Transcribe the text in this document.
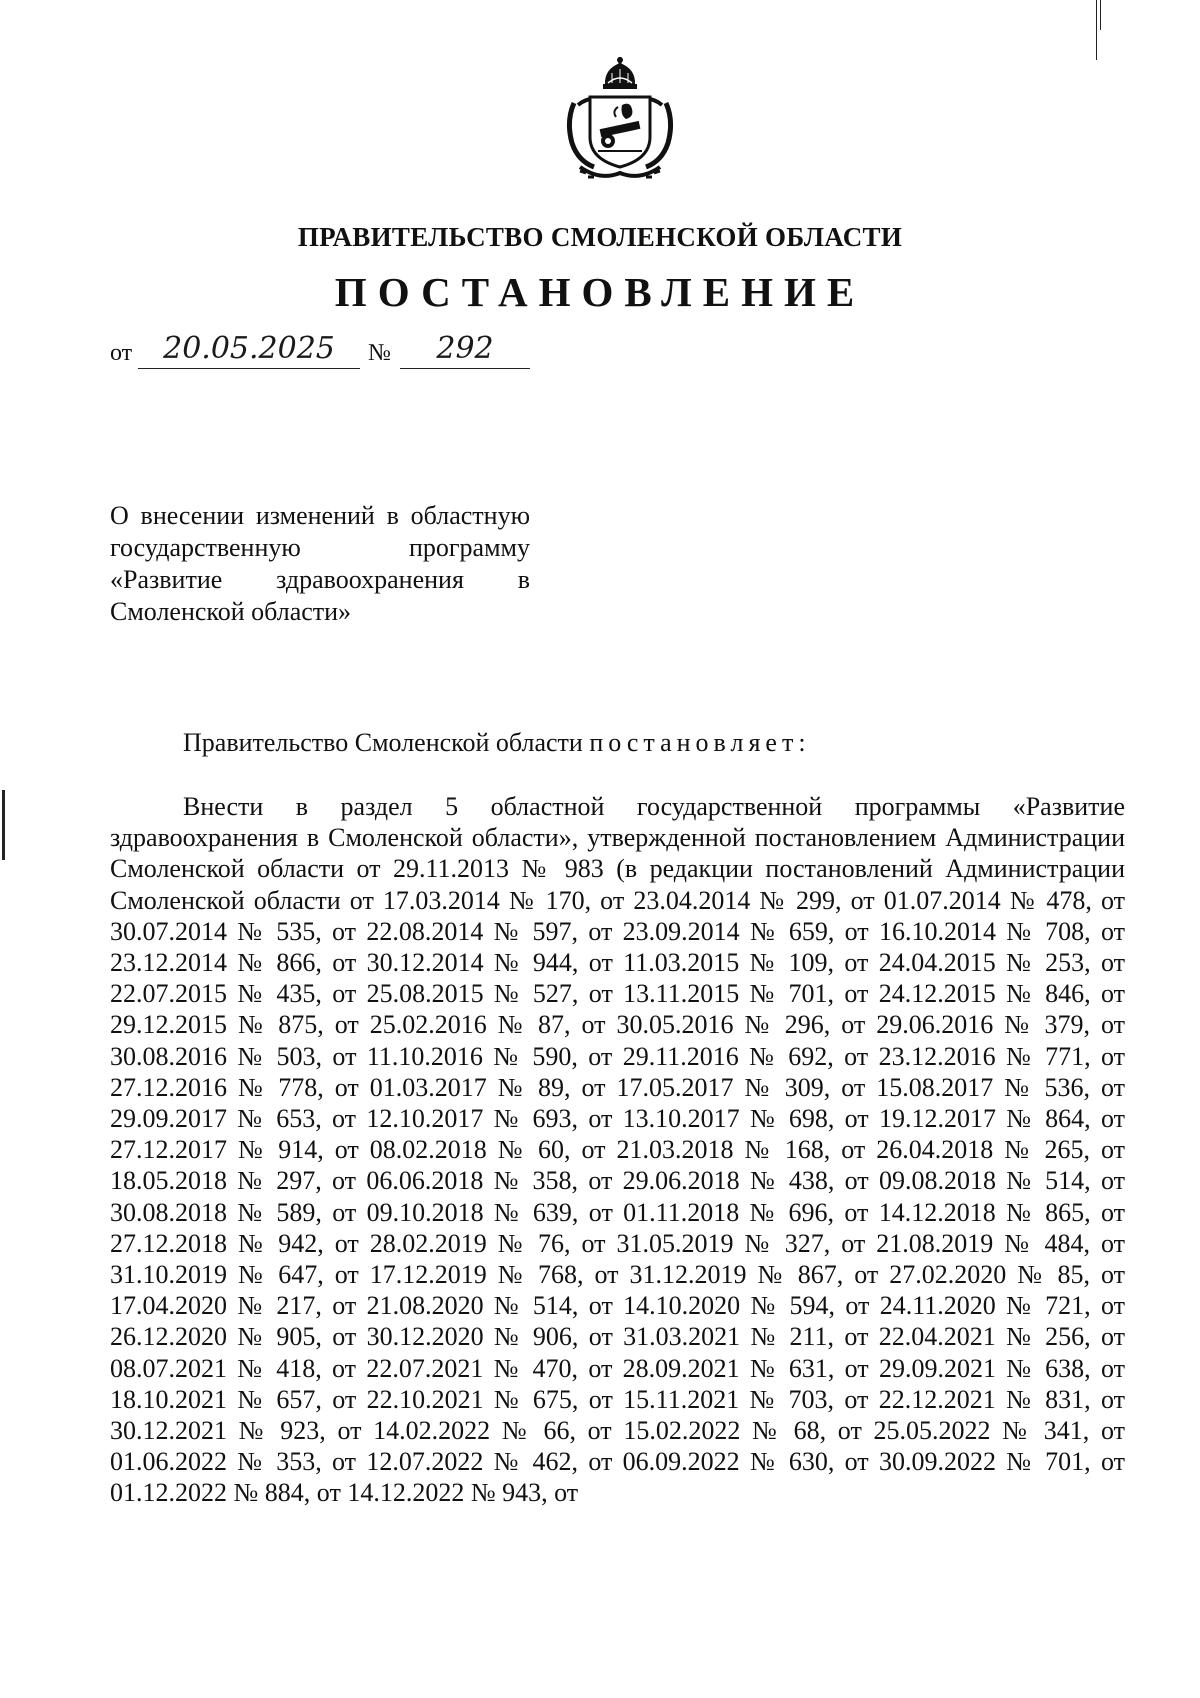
ПРАВИТЕЛЬСТВО СМОЛЕНСКОЙ ОБЛАСТИ
ПОСТАНОВЛЕНИЕ
от	20.05.2025	№	292
О внесении изменений в областную государственную программу «Развитие здравоохранения в Смоленской области»
Правительство Смоленской области постановляет:

Внести в раздел 5 областной государственной программы «Развитие здравоохранения в Смоленской области», утвержденной постановлением Администрации Смоленской области от 29.11.2013 № 983 (в редакции постановлений Администрации Смоленской области от 17.03.2014 № 170, от 23.04.2014 № 299, от 01.07.2014 № 478, от 30.07.2014 № 535, от 22.08.2014 № 597, от 23.09.2014 № 659, от 16.10.2014 № 708, от 23.12.2014 № 866, от 30.12.2014 № 944, от 11.03.2015 № 109, от 24.04.2015 № 253, от 22.07.2015 № 435, от 25.08.2015 № 527, от 13.11.2015 № 701, от 24.12.2015 № 846, от 29.12.2015 № 875, от 25.02.2016 № 87, от 30.05.2016 № 296, от 29.06.2016 № 379, от 30.08.2016 № 503, от 11.10.2016 № 590, от 29.11.2016 № 692, от 23.12.2016 № 771, от 27.12.2016 № 778, от 01.03.2017 № 89, от 17.05.2017 № 309, от 15.08.2017 № 536, от 29.09.2017 № 653, от 12.10.2017 № 693, от 13.10.2017 № 698, от 19.12.2017 № 864, от 27.12.2017 № 914, от 08.02.2018 № 60, от 21.03.2018 № 168, от 26.04.2018 № 265, от 18.05.2018 № 297, от 06.06.2018 № 358, от 29.06.2018 № 438, от 09.08.2018 № 514, от 30.08.2018 № 589, от 09.10.2018 № 639, от 01.11.2018 № 696, от 14.12.2018 № 865, от 27.12.2018 № 942, от 28.02.2019 № 76, от 31.05.2019 № 327, от 21.08.2019 № 484, от 31.10.2019 № 647, от 17.12.2019 № 768, от 31.12.2019 № 867, от 27.02.2020 № 85, от 17.04.2020 № 217, от 21.08.2020 № 514, от 14.10.2020 № 594, от 24.11.2020 № 721, от 26.12.2020 № 905, от 30.12.2020 № 906, от 31.03.2021 № 211, от 22.04.2021 № 256, от 08.07.2021 № 418, от 22.07.2021 № 470, от 28.09.2021 № 631, от 29.09.2021 № 638, от 18.10.2021 № 657, от 22.10.2021 № 675, от 15.11.2021 № 703, от 22.12.2021 № 831, от 30.12.2021 № 923, от 14.02.2022 № 66, от 15.02.2022 № 68, от 25.05.2022 № 341, от 01.06.2022 № 353, от 12.07.2022 № 462, от 06.09.2022 № 630, от 30.09.2022 № 701, от 01.12.2022 № 884, от 14.12.2022 № 943, от
